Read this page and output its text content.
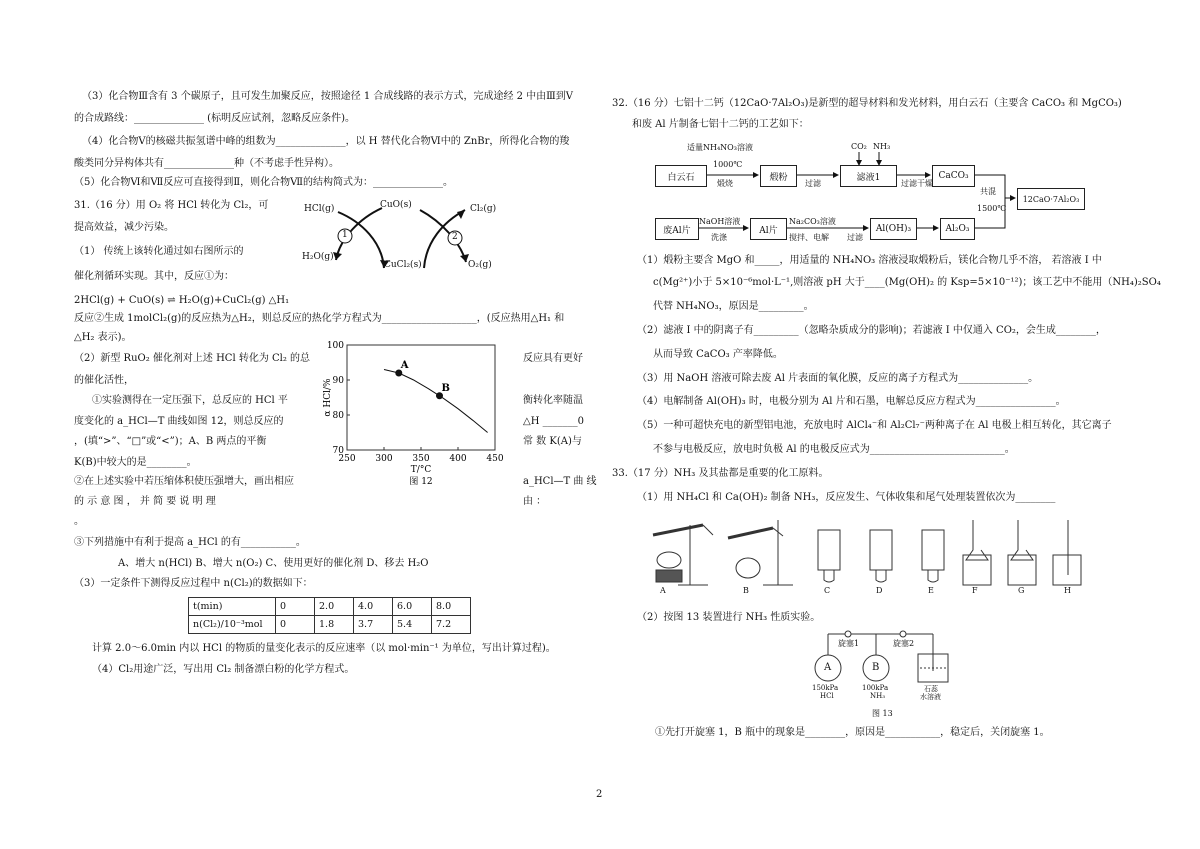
（3）化合物Ⅲ含有 3 个碳原子，且可发生加聚反应，按照途径 1 合成线路的表示方式，完成途经 2 中由Ⅲ到Ⅴ
的合成路线：______________ (标明反应试剂，忽略反应条件)。
（4）化合物Ⅴ的核磁共振氢谱中峰的组数为______________，以 H 替代化合物Ⅵ中的 ZnBr，所得化合物的羧
酸类同分异构体共有______________种（不考虑手性异构）。
（5）化合物Ⅵ和Ⅶ反应可直接得到Ⅱ，则化合物Ⅶ的结构简式为：______________。
31.（16 分）用 O₂ 将 HCl 转化为 Cl₂，可
提高效益，减少污染。
（1） 传统上该转化通过如右图所示的
催化剂循环实现。其中，反应①为：
2HCl(g) + CuO(s) ⇌ H₂O(g)+CuCl₂(g) △H₁
反应②生成 1molCl₂(g)的反应热为△H₂，则总反应的热化学方程式为___________________，(反应热用△H₁ 和
△H₂ 表示)。
HCl(g)	CuO(s)	Cl₂(g)
H₂O(g)
CuCl₂(s)	O₂(g)
1	2
（2）新型 RuO₂ 催化剂对上述 HCl 转化为 Cl₂ 的总	反应具有更好
的催化活性，
①实验测得在一定压强下，总反应的 HCl 平	衡转化率随温
度变化的 a_HCl—T 曲线如图 12，则总反应的	△H _______0
，(填“>”、“□”或“<”)；A、B 两点的平衡	常 数 K(A)与
K(B)中较大的是________。
②在上述实验中若压缩体积使压强增大，画出相应	a_HCl—T 曲 线
的 示 意 图 ， 并 简 要 说 明 理	由 ：
。
③下列措施中有利于提高 a_HCl 的有___________。
A、增大 n(HCl) B、增大 n(O₂) C、使用更好的催化剂 D、移去 H₂O
（3）一定条件下测得反应过程中 n(Cl₂)的数据如下：
t(min)	0	2.0	4.0	6.0	8.0
n(Cl₂)/10⁻³mol	0	1.8	3.7	5.4	7.2
计算 2.0～6.0min 内以 HCl 的物质的量变化表示的反应速率（以 mol·min⁻¹ 为单位，写出计算过程)。
（4）Cl₂用途广泛，写出用 Cl₂ 制备漂白粉的化学方程式。
250 300 350 400 450
70
80
90
100
T/°C
图 12
α HCl/%
A
B
32.（16 分）七铝十二钙（12CaO·7Al₂O₃)是新型的超导材料和发光材料，用白云石（主要含 CaCO₃ 和 MgCO₃)
和废 Al 片制备七铝十二钙的工艺如下：
白云石	煅粉	滤液1	CaCO₃
废Al片	Al片	Al(OH)₃	Al₂O₃
12CaO·7Al₂O₃
适量NH₄NO₃溶液
1000℃
煅烧	过滤
CO₂ NH₃
过滤 干燥
NaOH溶液
洗涤
Na₂CO₃溶液
搅拌、电解 过滤
共混
1500℃
（1）煅粉主要含 MgO 和_____，用适量的 NH₄NO₃ 溶液浸取煅粉后，镁化合物几乎不溶， 若溶液 I 中
c(Mg²⁺)小于 5×10⁻⁶mol·L⁻¹,则溶液 pH 大于____(Mg(OH)₂ 的 Ksp=5×10⁻¹²)；该工艺中不能用（NH₄)₂SO₄
代替 NH₄NO₃，原因是_________。
（2）滤液 I 中的阴离子有_________（忽略杂质成分的影响)；若滤液 I 中仅通入 CO₂，会生成________，
从而导致 CaCO₃ 产率降低。
（3）用 NaOH 溶液可除去废 Al 片表面的氧化膜，反应的离子方程式为______________。
（4）电解制备 Al(OH)₃ 时，电极分别为 Al 片和石墨，电解总反应方程式为________________。
（5）一种可超快充电的新型铝电池，充放电时 AlCl₄⁻和 Al₂Cl₇⁻两种离子在 Al 电极上相互转化，其它离子
不参与电极反应，放电时负极 Al 的电极反应式为___________________________。
33.（17 分）NH₃ 及其盐都是重要的化工原料。
（1）用 NH₄Cl 和 Ca(OH)₂ 制备 NH₃，反应发生、气体收集和尾气处理装置依次为________
A	B	C	D	E	F	G	H
（2）按图 13 装置进行 NH₃ 性质实验。
旋塞1	旋塞2
A	B
150kPa
HCl
100kPa
NH₃
石蕊
水溶液
图 13
①先打开旋塞 1，B 瓶中的现象是________，原因是___________，稳定后，关闭旋塞 1。
2
